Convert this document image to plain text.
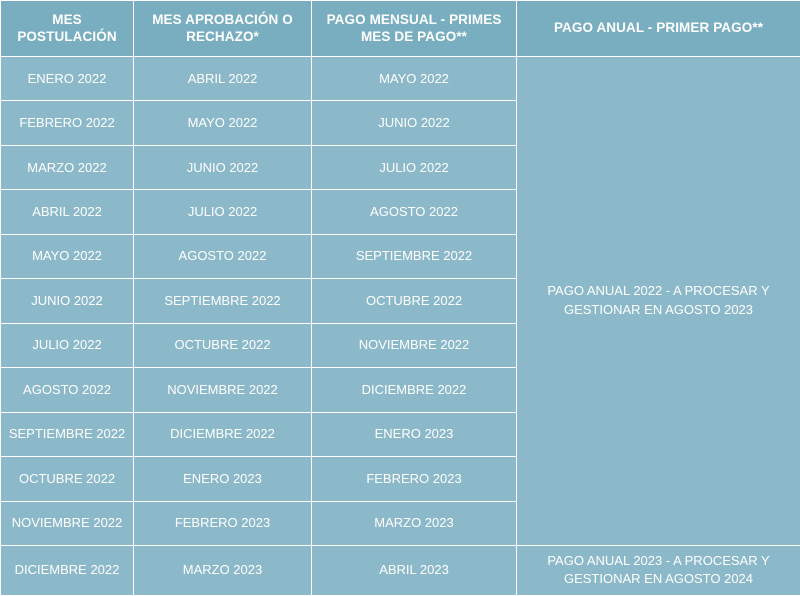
MES POSTULACIÓN	MES APROBACIÓN O RECHAZO*	PAGO MENSUAL - PRIMES MES DE PAGO**	PAGO ANUAL - PRIMER PAGO**
ENERO 2022	ABRIL 2022	MAYO 2022	PAGO ANUAL 2022 - A PROCESAR Y GESTIONAR EN AGOSTO 2023
FEBRERO 2022	MAYO 2022	JUNIO 2022	
MARZO 2022	JUNIO 2022	JULIO 2022	
ABRIL 2022	JULIO 2022	AGOSTO 2022	
MAYO 2022	AGOSTO 2022	SEPTIEMBRE 2022	
JUNIO 2022	SEPTIEMBRE 2022	OCTUBRE 2022	
JULIO 2022	OCTUBRE 2022	NOVIEMBRE 2022	
AGOSTO 2022	NOVIEMBRE 2022	DICIEMBRE 2022	
SEPTIEMBRE 2022	DICIEMBRE 2022	ENERO 2023	
OCTUBRE 2022	ENERO 2023	FEBRERO 2023	
NOVIEMBRE 2022	FEBRERO 2023	MARZO 2023	
DICIEMBRE 2022	MARZO 2023	ABRIL 2023	PAGO ANUAL 2023 - A PROCESAR Y GESTIONAR EN AGOSTO 2024
